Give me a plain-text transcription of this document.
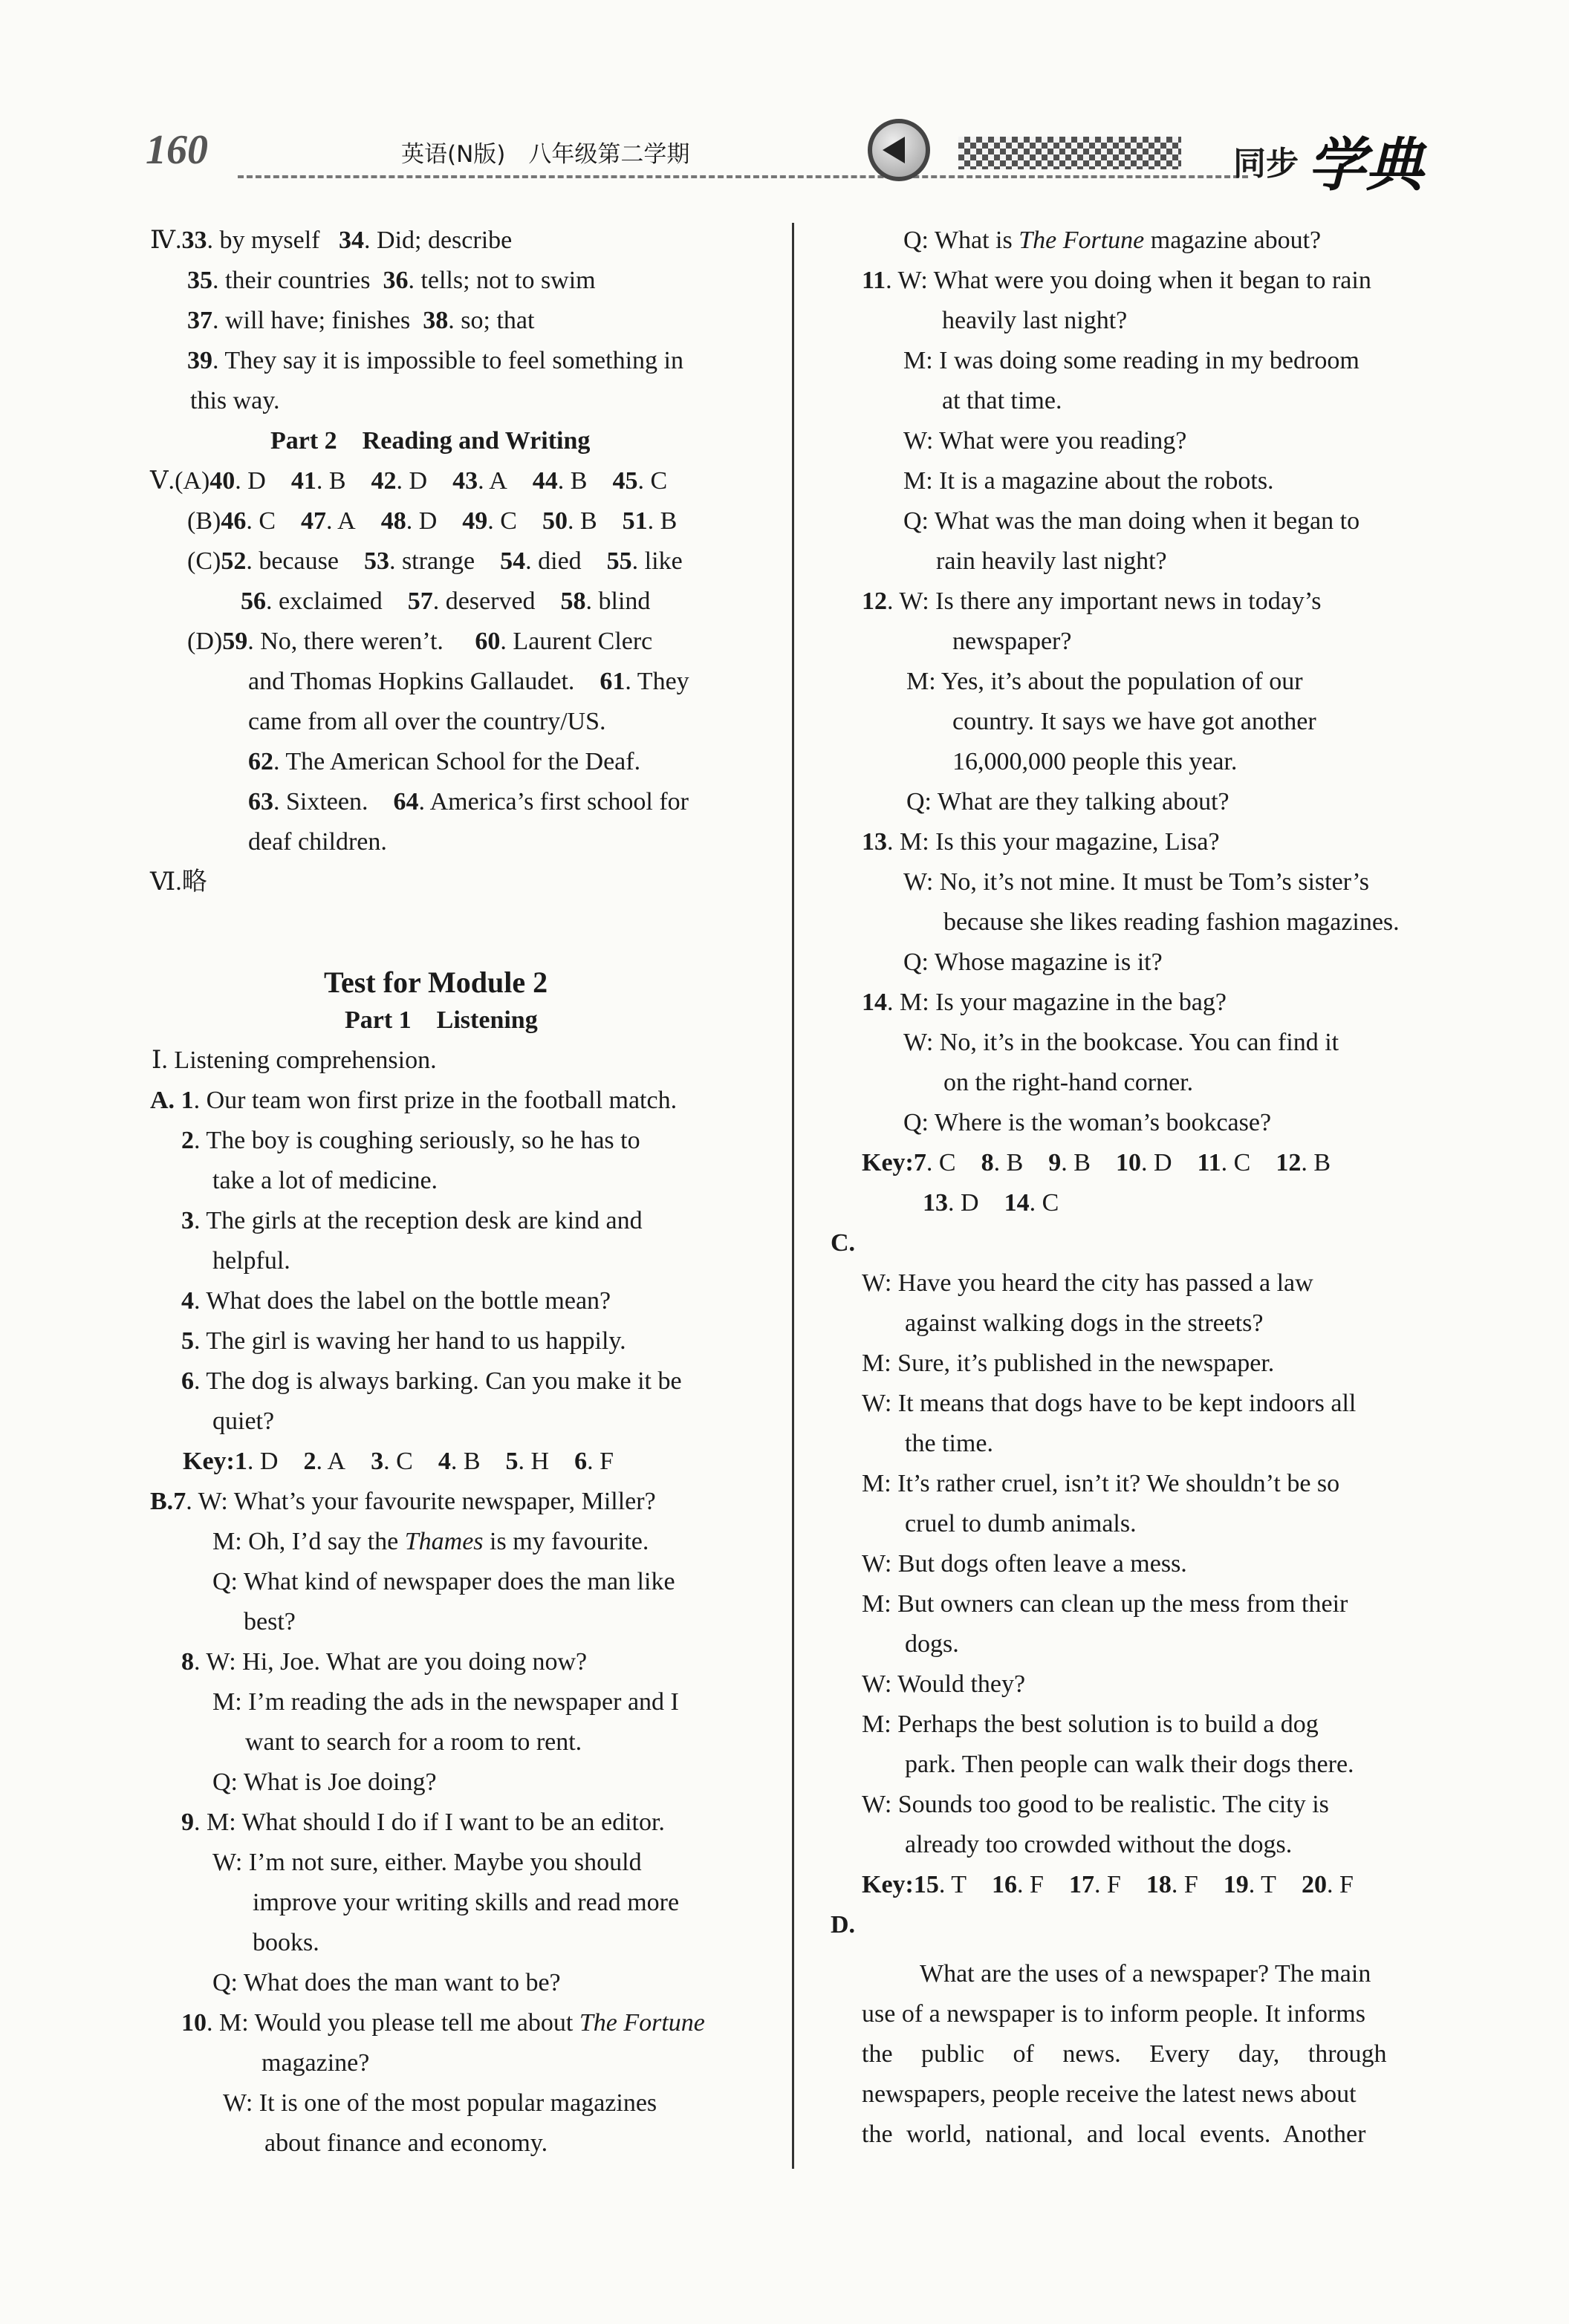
160	英语(N版)　八年级第二学期	同步 学典
Ⅳ.33. by myself 34. Did; describe
35. their countries 36. tells; not to swim
37. will have; finishes 38. so; that
39. They say it is impossible to feel something in
this way.
Part 2　Reading and Writing
Ⅴ.(A)40. D 41. B 42. D 43. A 44. B 45. C
(B)46. C 47. A 48. D 49. C 50. B 51. B
(C)52. because 53. strange 54. died 55. like
56. exclaimed 57. deserved 58. blind
(D)59. No, there weren’t. 60. Laurent Clerc
and Thomas Hopkins Gallaudet. 61. They
came from all over the country/US.
62. The American School for the Deaf.
63. Sixteen. 64. America’s first school for
deaf children.
Ⅵ.略
Test for Module 2
Part 1　Listening
Ⅰ. Listening comprehension.
A. 1. Our team won first prize in the football match.
2. The boy is coughing seriously, so he has to
take a lot of medicine.
3. The girls at the reception desk are kind and
helpful.
4. What does the label on the bottle mean?
5. The girl is waving her hand to us happily.
6. The dog is always barking. Can you make it be
quiet?
Key:1. D 2. A 3. C 4. B 5. H 6. F
B.7. W: What’s your favourite newspaper, Miller?
M: Oh, I’d say the Thames is my favourite.
Q: What kind of newspaper does the man like
best?
8. W: Hi, Joe. What are you doing now?
M: I’m reading the ads in the newspaper and I
want to search for a room to rent.
Q: What is Joe doing?
9. M: What should I do if I want to be an editor.
W: I’m not sure, either. Maybe you should
improve your writing skills and read more
books.
Q: What does the man want to be?
10. M: Would you please tell me about The Fortune
magazine?
W: It is one of the most popular magazines
about finance and economy.
Q: What is The Fortune magazine about?
11. W: What were you doing when it began to rain
heavily last night?
M: I was doing some reading in my bedroom
at that time.
W: What were you reading?
M: It is a magazine about the robots.
Q: What was the man doing when it began to
rain heavily last night?
12. W: Is there any important news in today’s
newspaper?
M: Yes, it’s about the population of our
country. It says we have got another
16,000,000 people this year.
Q: What are they talking about?
13. M: Is this your magazine, Lisa?
W: No, it’s not mine. It must be Tom’s sister’s
because she likes reading fashion magazines.
Q: Whose magazine is it?
14. M: Is your magazine in the bag?
W: No, it’s in the bookcase. You can find it
on the right-hand corner.
Q: Where is the woman’s bookcase?
Key:7. C 8. B 9. B 10. D 11. C 12. B
13. D 14. C
C.
W: Have you heard the city has passed a law
against walking dogs in the streets?
M: Sure, it’s published in the newspaper.
W: It means that dogs have to be kept indoors all
the time.
M: It’s rather cruel, isn’t it? We shouldn’t be so
cruel to dumb animals.
W: But dogs often leave a mess.
M: But owners can clean up the mess from their
dogs.
W: Would they?
M: Perhaps the best solution is to build a dog
park. Then people can walk their dogs there.
W: Sounds too good to be realistic. The city is
already too crowded without the dogs.
Key:15. T 16. F 17. F 18. F 19. T 20. F
D.
What are the uses of a newspaper? The main
use of a newspaper is to inform people. It informs
the public of news. Every day, through
newspapers, people receive the latest news about
the world, national, and local events. Another
